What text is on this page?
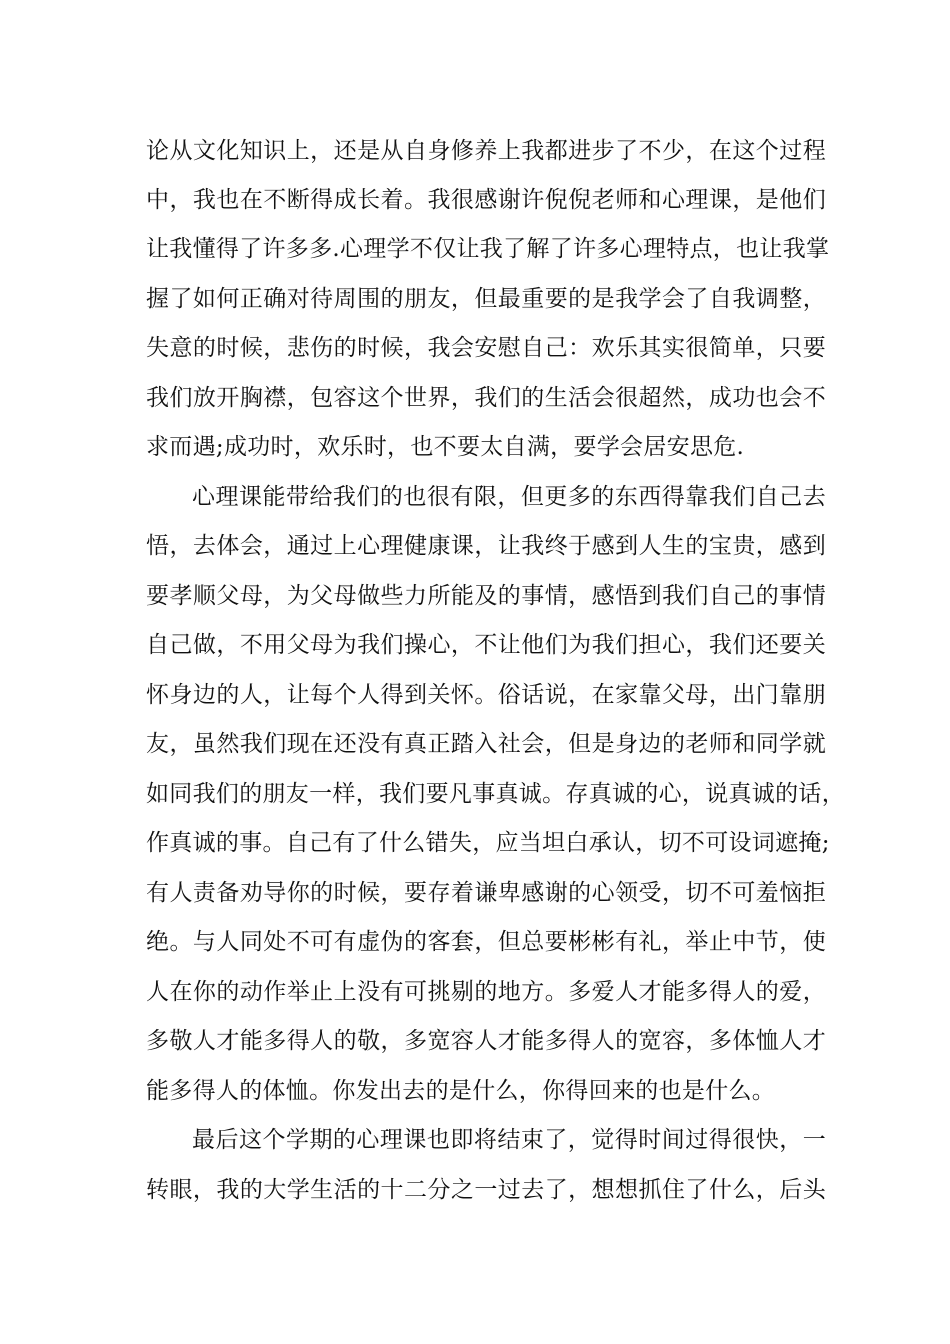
论从文化知识上，还是从自身修养上我都进步了不少，在这个过程
中，我也在不断得成长着。我很感谢许倪倪老师和心理课，是他们
让我懂得了许多多.心理学不仅让我了解了许多心理特点，也让我掌
握了如何正确对待周围的朋友，但最重要的是我学会了自我调整，
失意的时候，悲伤的时候，我会安慰自己：欢乐其实很简单，只要
我们放开胸襟，包容这个世界，我们的生活会很超然，成功也会不
求而遇;成功时，欢乐时，也不要太自满，要学会居安思危.
心理课能带给我们的也很有限，但更多的东西得靠我们自己去
悟，去体会，通过上心理健康课，让我终于感到人生的宝贵，感到
要孝顺父母，为父母做些力所能及的事情，感悟到我们自己的事情
自己做，不用父母为我们操心，不让他们为我们担心，我们还要关
怀身边的人，让每个人得到关怀。俗话说，在家靠父母，出门靠朋
友，虽然我们现在还没有真正踏入社会，但是身边的老师和同学就
如同我们的朋友一样，我们要凡事真诚。存真诚的心，说真诚的话，
作真诚的事。自己有了什么错失，应当坦白承认，切不可设词遮掩;
有人责备劝导你的时候，要存着谦卑感谢的心领受，切不可羞恼拒
绝。与人同处不可有虚伪的客套，但总要彬彬有礼，举止中节，使
人在你的动作举止上没有可挑剔的地方。多爱人才能多得人的爱，
多敬人才能多得人的敬，多宽容人才能多得人的宽容，多体恤人才
能多得人的体恤。你发出去的是什么，你得回来的也是什么。
最后这个学期的心理课也即将结束了，觉得时间过得很快，一
转眼，我的大学生活的十二分之一过去了，想想抓住了什么，后头
